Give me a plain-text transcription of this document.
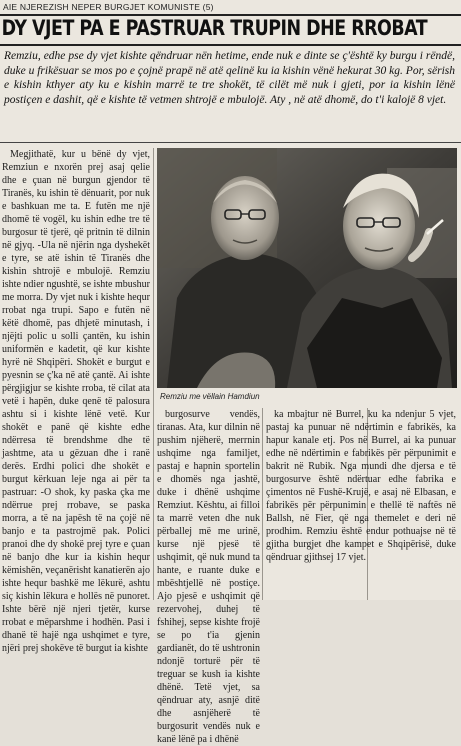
AIE NJEREZISH NEPER BURGJET KOMUNISTE (5)
DY VJET PA E PASTRUAR TRUPIN DHE RROBAT
Remziu, edhe pse dy vjet kishte qëndruar nën hetime, ende nuk e dinte se ç'është ky burgu i rëndë, duke u frikësuar se mos po e çojnë prapë në atë qelinë ku ia kishin vënë hekurat 30 kg. Por, sërish e kishin kthyer aty ku e kishin marrë te tre shokët, të cilët më nuk i gjeti, por ia kishin lënë postiçen e dashit, që e kishte të vetmen shtrojë e mbulojë. Aty , në atë dhomë, do t'i kalojë 8 vjet.

Megjithatë, kur u bënë dy vjet, Remziun e nxorën prej asaj qelie dhe e çuan në burgun gjendor të Tiranës, ku ishin të dënuarit, por nuk e bashkuan me ta. E futën me një dhomë të vogël, ku ishin edhe tre të burgosur të tjerë, që pritnin të dilnin në gjyq. -Ula në njërin nga dyshekët e tyre, se atë ishin të Tiranës dhe kishin shtrojë e mbulojë. Remziu ishte ndier ngushtë, se ishte mbushur me morra. Dy vjet nuk i kishte hequr rrobat nga trupi. Sapo e futën në këtë dhomë, pas dhjetë minutash, i njëjti polic u solli çantën, ku ishin uniformën e kadetit, që kur kishte hyrë në Shqipëri. Shokët e burgut e pyesnin se ç'ka në atë çantë. Ai ishte përgjigjur se kishte rroba, të cilat ata vetë i hapën, duke qenë të palosura ashtu si i kishte lënë vetë. Kur shokët e panë që kishte edhe ndërresa të brendshme dhe të jashtme, ata u gëzuan dhe i ranë derës. Erdhi polici dhe shokët e burgut kërkuan leje nga ai për ta pastruar: -O shok, ky paska çka me ndërrue prej rrobave, se paska morra, a të na japësh të na çojë në banjo e ta pastrojmë pak. Polici pranoi dhe dy shokë prej tyre e çuan në banjo dhe kur ia kishin hequr këmishën, veçanërisht kanatierën ajo ishte hequr bashkë me lëkurë, ashtu siç kishin lëkura e hollës në punoret. Ishte bërë një njeri tjetër, kurse rrobat e mëparshme i hodhën. Pasi i dhanë të hajë nga ushqimet e tyre, njëri prej shokëve të burgut ia kishte

Remziu me vëllain Hamdiun

burgosurve vendës, tiranas. Ata, kur dilnin në pushim njëherë, merrnin ushqime nga familjet, pastaj e hapnin sportelin e dhomës nga jashtë, duke i dhënë ushqime Remziut. Kështu, ai filloi ta marrë veten dhe nuk përballej më me urinë, kurse një pjesë të ushqimit, që nuk mund ta hante, e ruante duke e mbështjellë në postiçe. Ajo pjesë e ushqimit që rezervohej, duhej të fshihej, sepse kishte frojë se po t'ia gjenin gardianët, do të ushtronin ndonjë torturë për të treguar se kush ia kishte dhënë. Tetë vjet, sa qëndruar aty, asnjë ditë dhe asnjëherë të burgosurit vendës nuk e kanë lënë pa i dhënë

ka mbajtur në Burrel, ku ka ndenjur 5 vjet, pastaj ka punuar në ndërtimin e fabrikës, ka hapur kanale etj. Pos në Burrel, ai ka punuar edhe në ndërtimin e fabrikës për përpunimit e bakrit në Rubik. Nga mundi dhe djersa e të burgosurve është ndërtuar edhe fabrika e çimentos në Fushë-Krujë, e asaj në Elbasan, e fabrikës për përpunimin e thellë të naftës në Ballsh, në Fier, që nga themelet e deri në prodhim. Remziu është endur pothuajse në të gjitha burgjet dhe kampet e Shqipërisë, duke qëndruar gjithsej 17 vjet.
